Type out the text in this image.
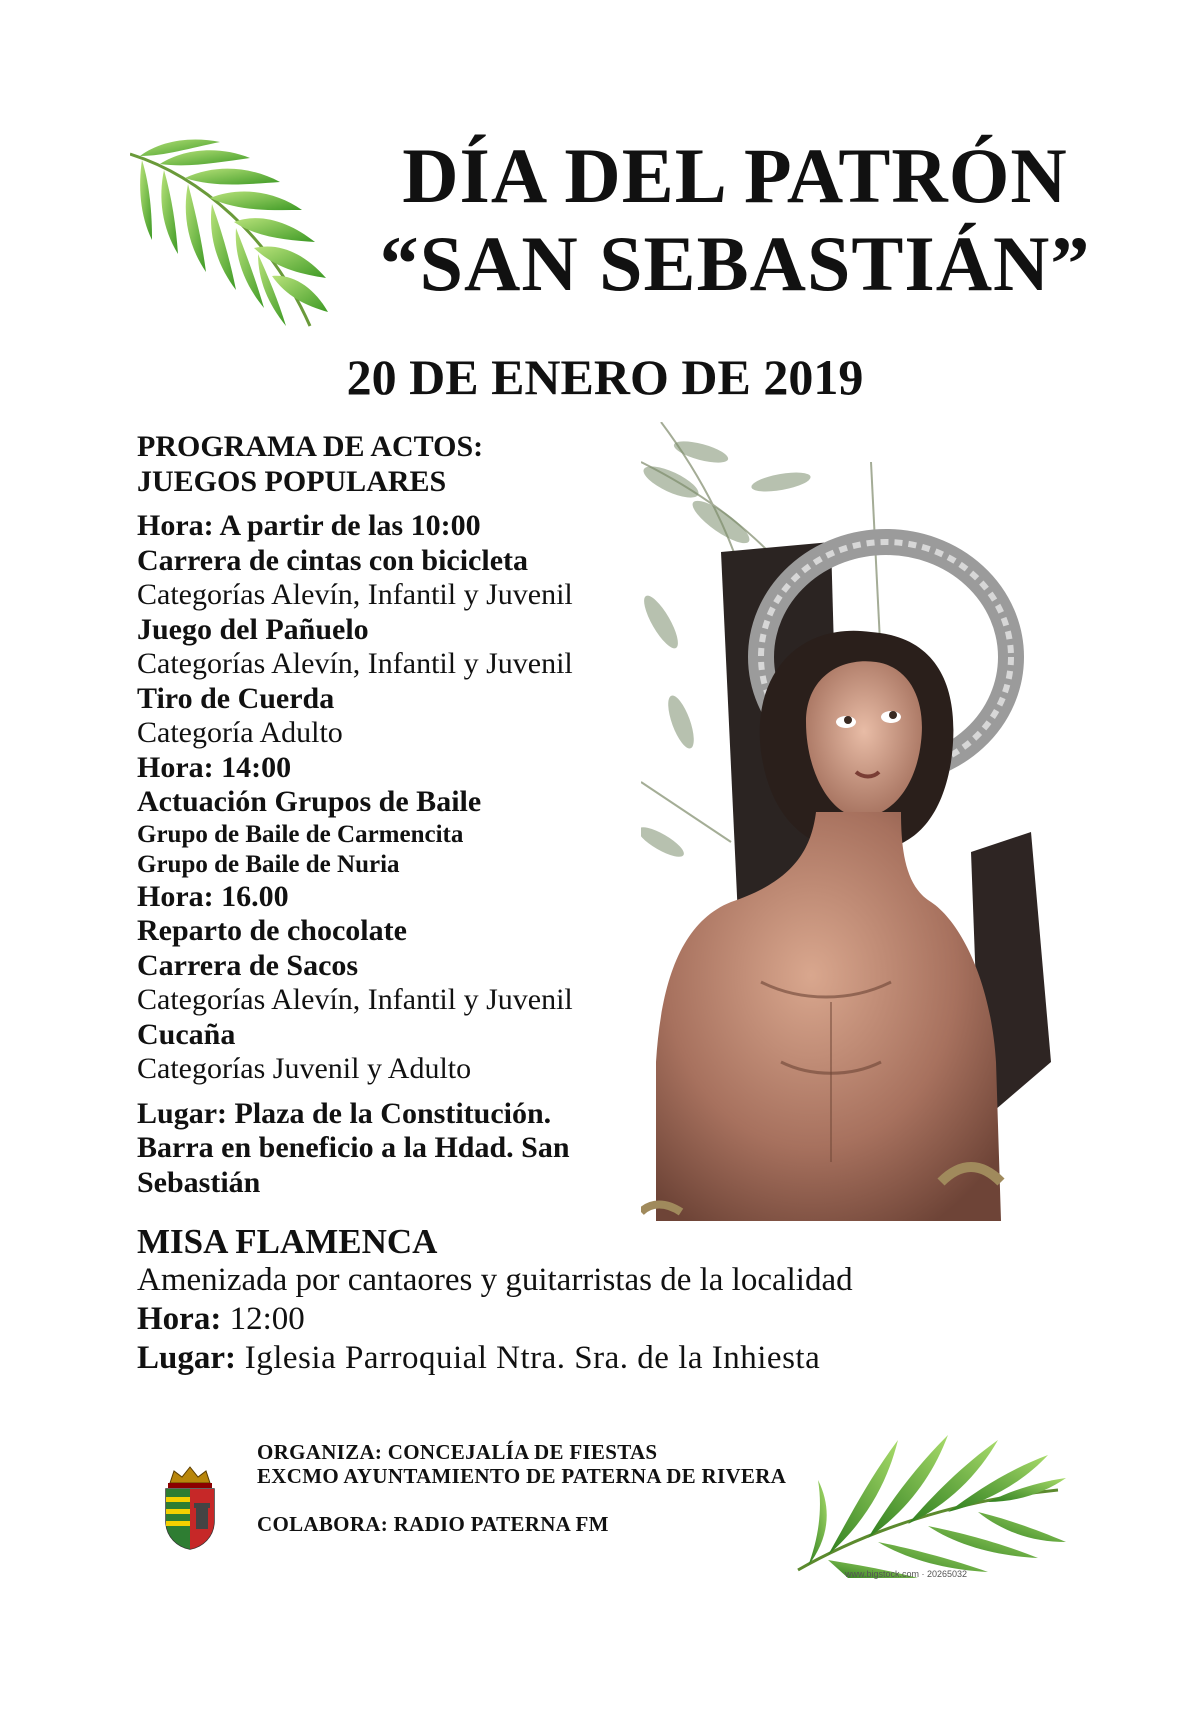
DÍA DEL PATRÓN
“SAN SEBASTIÁN”
20 DE ENERO DE 2019
PROGRAMA DE ACTOS:
JUEGOS POPULARES
Hora: A partir de las 10:00
Carrera de cintas con bicicleta
Categorías Alevín, Infantil y Juvenil
Juego del Pañuelo
Categorías Alevín, Infantil y Juvenil
Tiro de Cuerda
Categoría Adulto
Hora: 14:00
Actuación Grupos de Baile
Grupo de Baile de Carmencita
Grupo de Baile de Nuria
Hora: 16.00
Reparto de chocolate
Carrera de Sacos
Categorías Alevín, Infantil y Juvenil
Cucaña
Categorías Juvenil y Adulto
Lugar: Plaza de la Constitución.
Barra en beneficio a la Hdad. San
Sebastián
MISA FLAMENCA
Amenizada por cantaores y guitarristas de la localidad
Hora: 12:00
Lugar: Iglesia Parroquial Ntra. Sra. de la Inhiesta
ORGANIZA: CONCEJALÍA DE FIESTAS
EXCMO AYUNTAMIENTO DE PATERNA DE RIVERA
COLABORA: RADIO PATERNA FM
www.bigstock.com · 20265032
